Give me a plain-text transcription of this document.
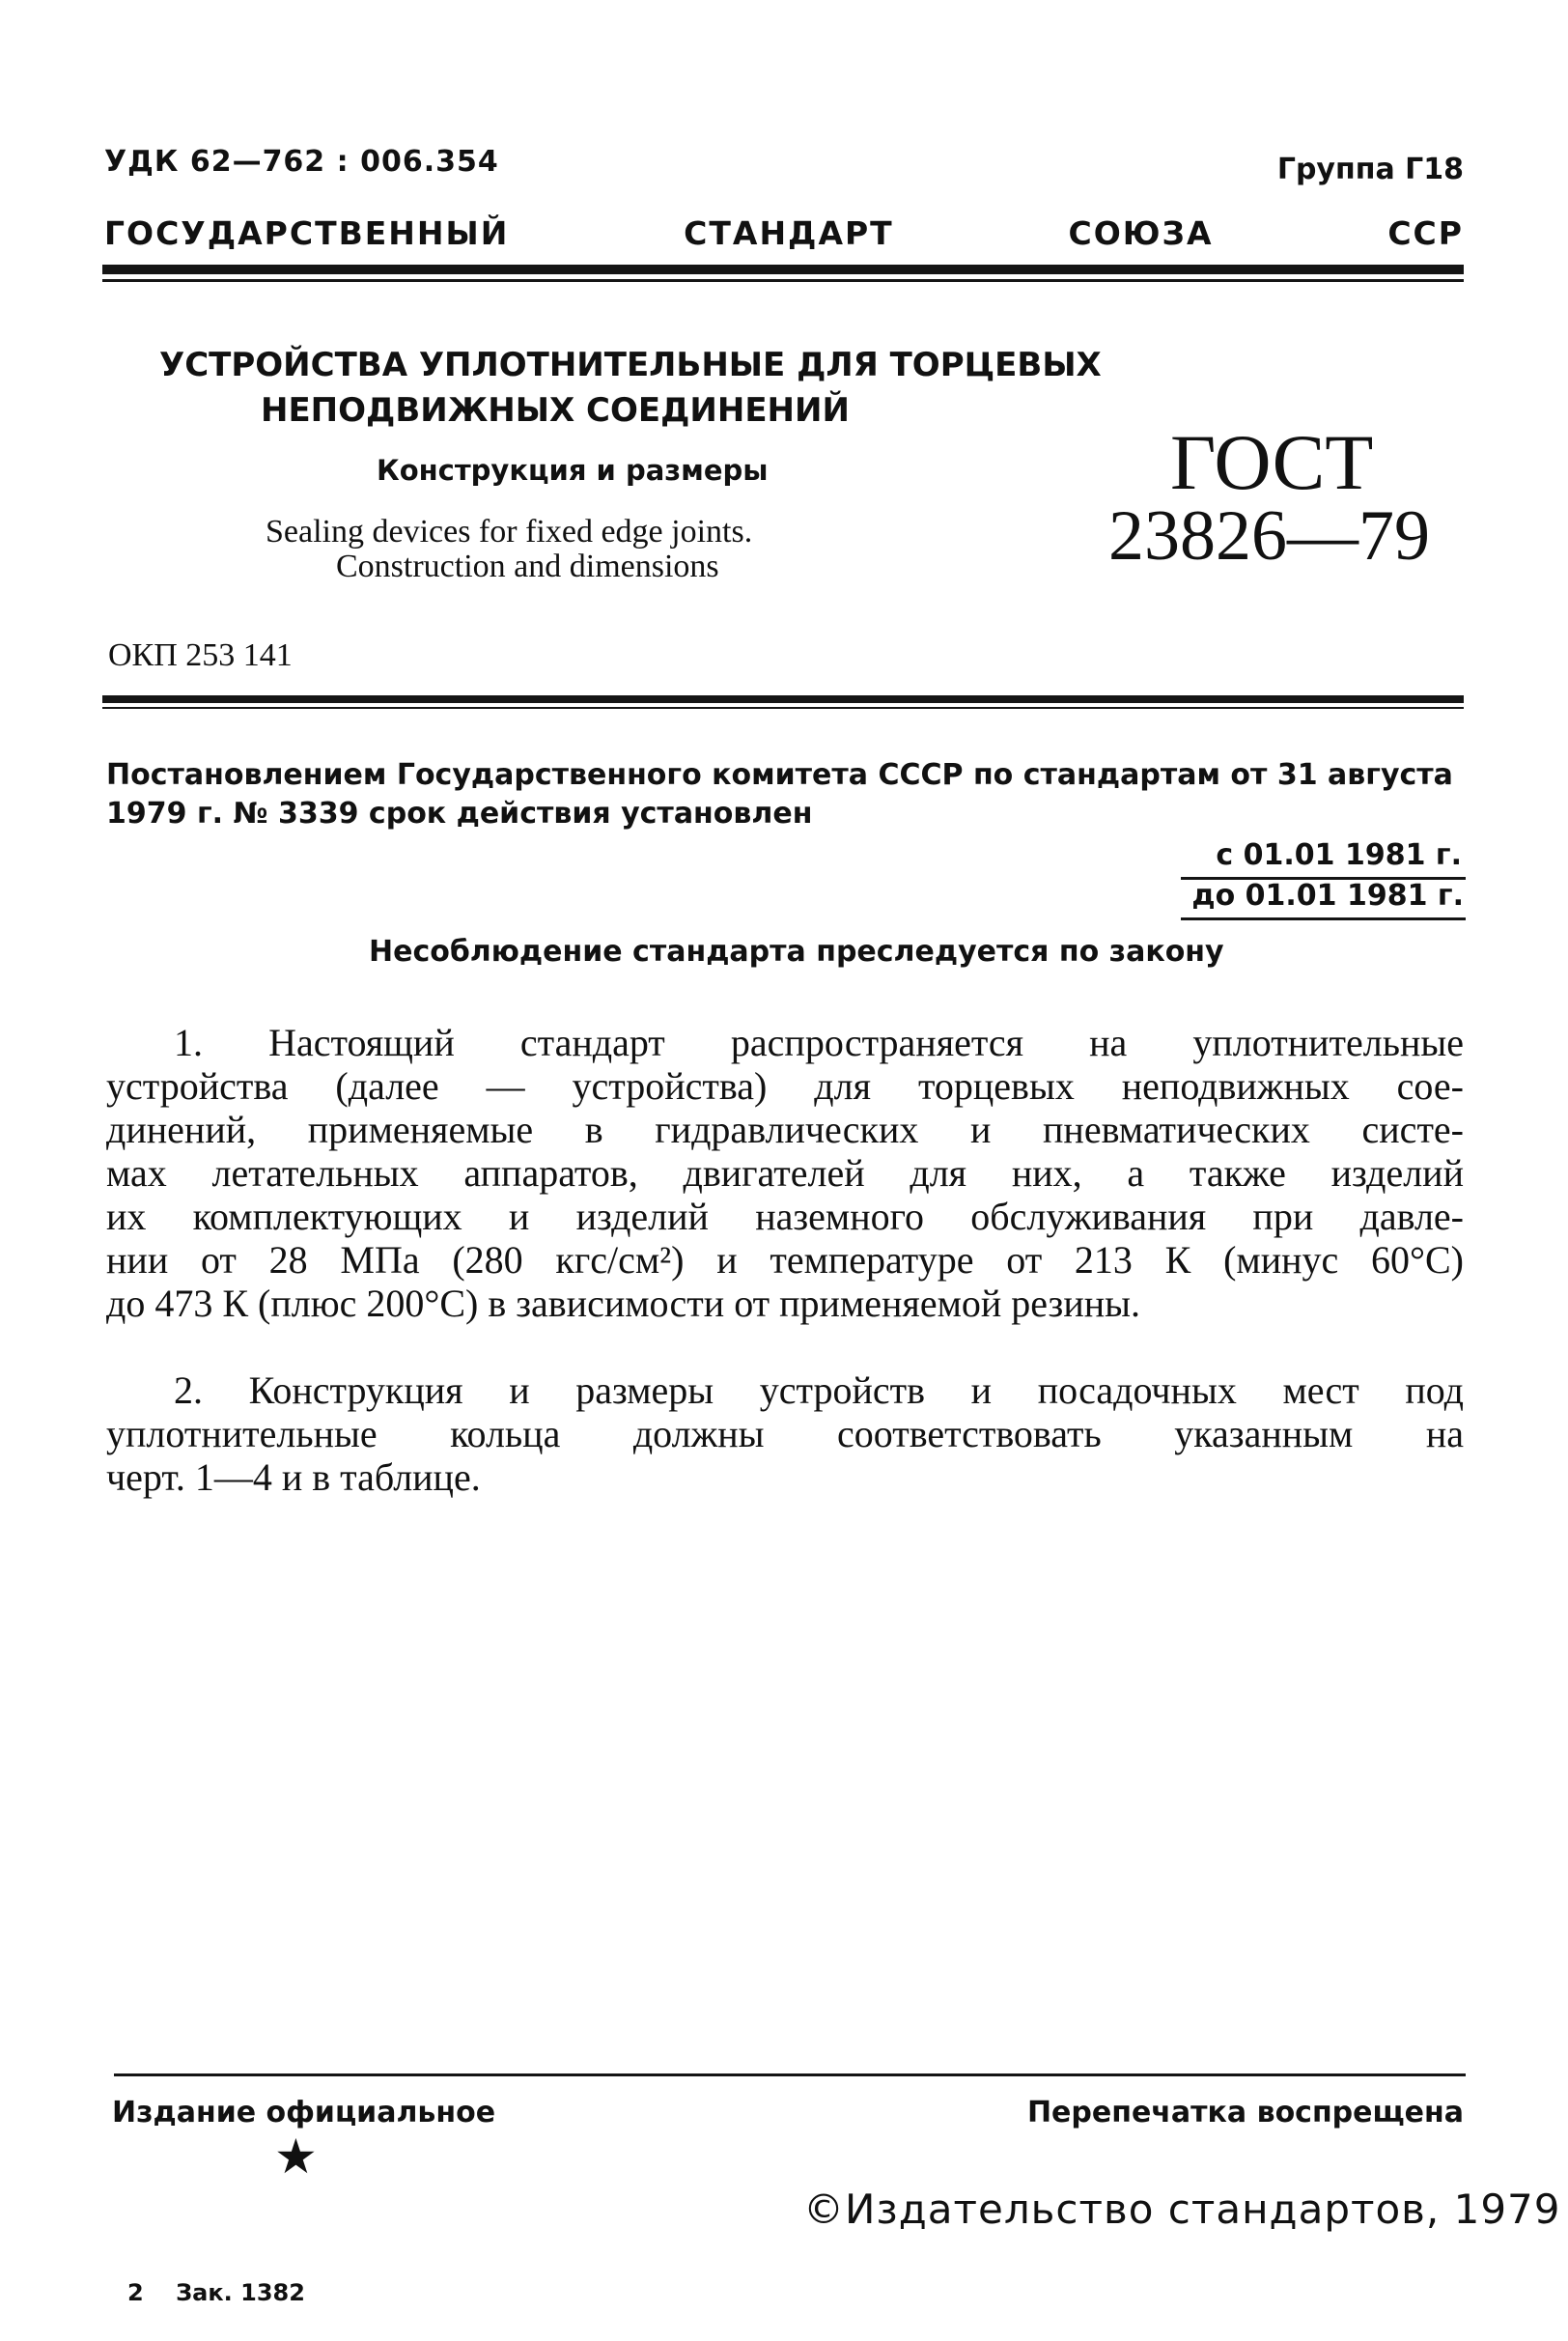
УДК 62—762 : 006.354	Группа Г18
ГОСУДАРСТВЕННЫЙ	СТАНДАРТ	СОЮЗА	ССР
УСТРОЙСТВА УПЛОТНИТЕЛЬНЫЕ ДЛЯ ТОРЦЕВЫХ
НЕПОДВИЖНЫХ СОЕДИНЕНИЙ
Конструкция и размеры
Sealing devices for fixed edge joints.
Construction and dimensions
ГОСТ
23826—79
ОКП 253 141
Постановлением Государственного комитета СССР по стандартам от 31 августа
1979 г. № 3339 срок действия установлен
с 01.01 1981 г.
до 01.01 1981 г.
Несоблюдение стандарта преследуется по закону
1. Настоящий стандарт распространяется на уплотнительные
устройства (далее — устройства) для торцевых неподвижных сое-
динений, применяемые в гидравлических и пневматических систе-
мах летательных аппаратов, двигателей для них, а также изделий
их комплектующих и изделий наземного обслуживания при давле-
нии от 28 МПа (280 кгс/см²) и температуре от 213 К (минус 60°С)
до 473 К (плюс 200°С) в зависимости от применяемой резины.
2. Конструкция и размеры устройств и посадочных мест под
уплотнительные кольца должны соответствовать указанным на
черт. 1—4 и в таблице.
Издание официальное	Перепечатка воспрещена
★
©Издательство стандартов, 1979
2    Зак. 1382
